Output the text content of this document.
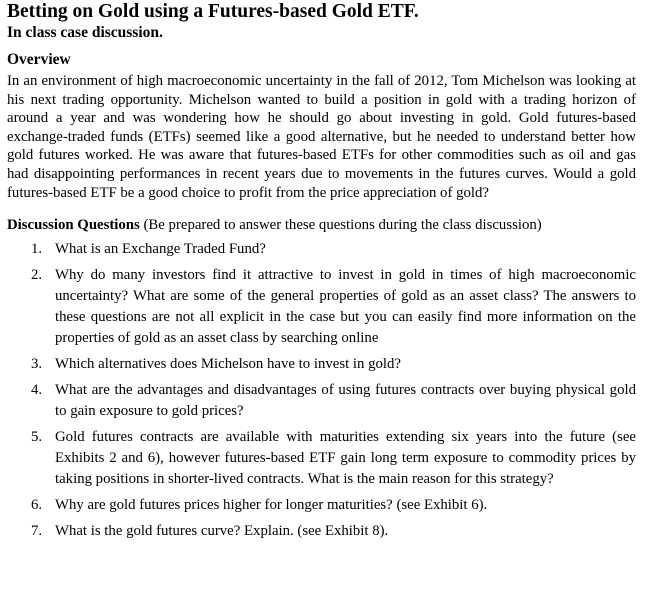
Betting on Gold using a Futures-based Gold ETF.
In class case discussion.
Overview

In an environment of high macroeconomic uncertainty in the fall of 2012, Tom Michelson was looking at his next trading opportunity. Michelson wanted to build a position in gold with a trading horizon of around a year and was wondering how he should go about investing in gold. Gold futures-based exchange-traded funds (ETFs) seemed like a good alternative, but he needed to understand better how gold futures worked. He was aware that futures-based ETFs for other commodities such as oil and gas had disappointing performances in recent years due to movements in the futures curves. Would a gold futures-based ETF be a good choice to profit from the price appreciation of gold?

Discussion Questions (Be prepared to answer these questions during the class discussion)
1. What is an Exchange Traded Fund?
2. Why do many investors find it attractive to invest in gold in times of high macroeconomic uncertainty? What are some of the general properties of gold as an asset class? The answers to these questions are not all explicit in the case but you can easily find more information on the properties of gold as an asset class by searching online
3. Which alternatives does Michelson have to invest in gold?
4. What are the advantages and disadvantages of using futures contracts over buying physical gold to gain exposure to gold prices?
5. Gold futures contracts are available with maturities extending six years into the future (see Exhibits 2 and 6), however futures-based ETF gain long term exposure to commodity prices by taking positions in shorter-lived contracts. What is the main reason for this strategy?
6. Why are gold futures prices higher for longer maturities? (see Exhibit 6).
7. What is the gold futures curve? Explain. (see Exhibit 8).
